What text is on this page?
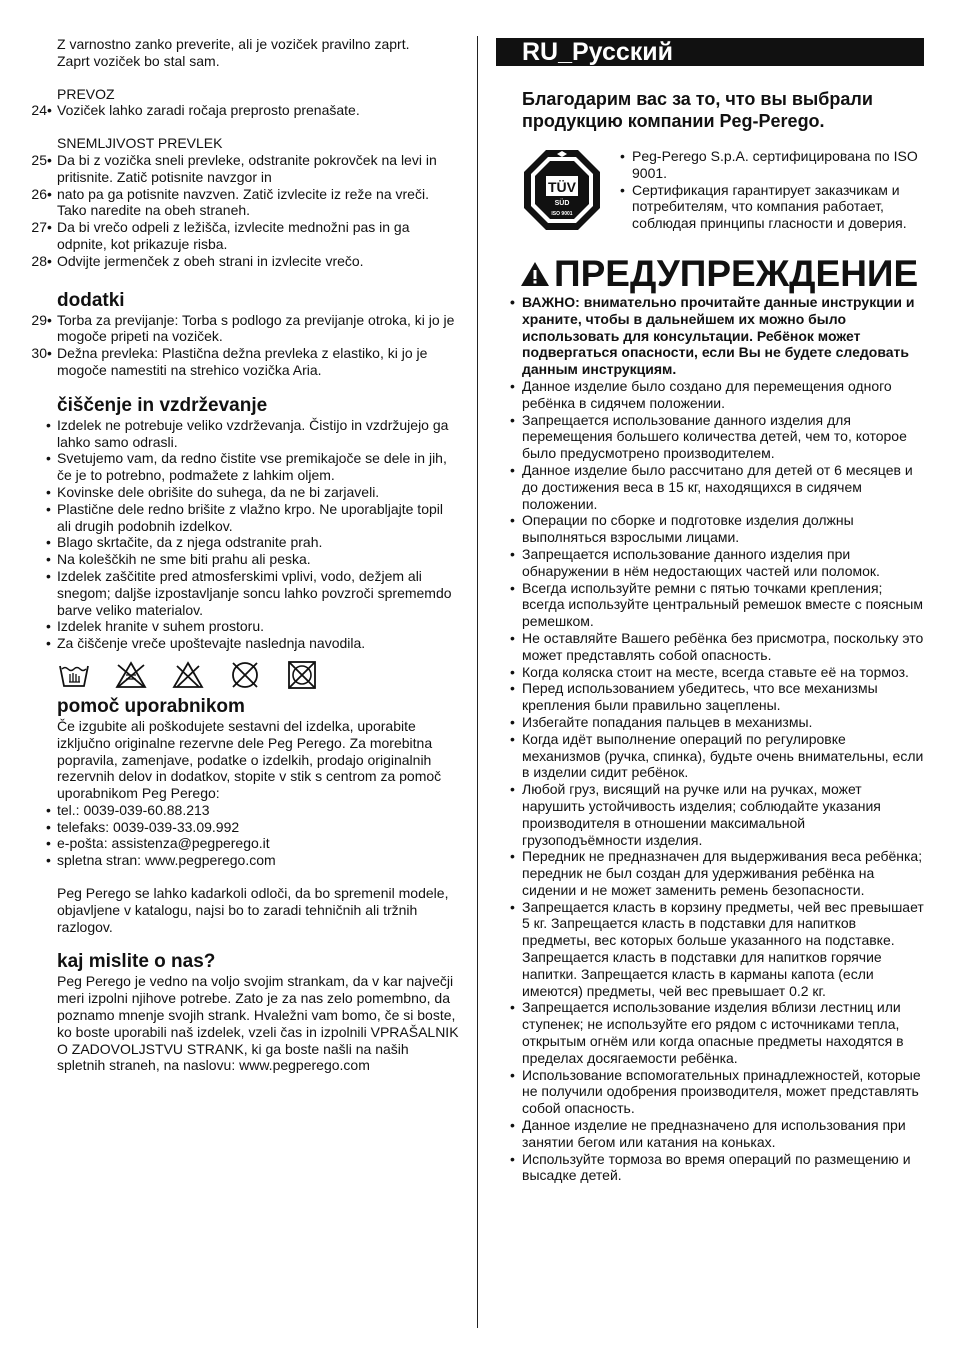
Z varnostno zanko preverite, ali je voziček pravilno zaprt.

Zaprt voziček bo stal sam.

PREVOZ

24• Voziček lahko zaradi ročaja preprosto prenašate.

SNEMLJIVOST PREVLEK

25• Da bi z vozička sneli prevleke, odstranite pokrovček na levi in pritisnite. Zatič potisnite navzgor in
26• nato pa ga potisnite navzven. Zatič izvlecite iz reže na vreči. Tako naredite na obeh straneh.
27• Da bi vrečo odpeli z ležišča, izvlecite mednožni pas in ga odpnite, kot prikazuje risba.
28• Odvijte jermenček z obeh strani in izvlecite vrečo.

dodatki

29• Torba za previjanje: Torba s podlogo za previjanje otroka, ki jo je mogoče pripeti na voziček.
30• Dežna prevleka: Plastična dežna prevleka z elastiko, ki jo je mogoče namestiti na strehico vozička Aria.

čiščenje in vzdrževanje

• Izdelek ne potrebuje veliko vzdrževanja. Čistijo in vzdržujejo ga lahko samo odrasli.
• Svetujemo vam, da redno čistite vse premikajoče se dele in jih, če je to potrebno, podmažete z lahkim oljem.
• Kovinske dele obrišite do suhega, da ne bi zarjaveli.
• Plastične dele redno brišite z vlažno krpo. Ne uporabljajte topil ali drugih podobnih izdelkov.
• Blago skrtačite, da z njega odstranite prah.
• Na koleščkih ne sme biti prahu ali peska.
• Izdelek zaščitite pred atmosferskimi vplivi, vodo, dežjem ali snegom; daljše izpostavljanje soncu lahko povzroči sprememdo barve veliko materialov.
• Izdelek hranite v suhem prostoru.
• Za čiščenje vreče upoštevajte naslednja navodila.

pomoč uporabnikom

Če izgubite ali poškodujete sestavni del izdelka, uporabite izključno originalne rezervne dele Peg Perego. Za morebitna popravila, zamenjave, podatke o izdelkih, prodajo originalnih rezervnih delov in dodatkov, stopite v stik s centrom za pomoč uporabnikom Peg Perego:

• tel.: 0039-039-60.88.213
• telefaks: 0039-039-33.09.992
• e-pošta: assistenza@pegperego.it
• spletna stran: www.pegperego.com

Peg Perego se lahko kadarkoli odloči, da bo spremenil modele, objavljene v katalogu, najsi bo to zaradi tehničnih ali tržnih razlogov.

kaj mislite o nas?

Peg Perego je vedno na voljo svojim strankam, da v kar največji meri izpolni njihove potrebe. Zato je za nas zelo pomembno, da poznamo mnenje svojih strank. Hvaležni vam bomo, če si boste, ko boste uporabili naš izdelek, vzeli čas in izpolnili VPRAŠALNIK O ZADOVOLJSTVU STRANK, ki ga boste našli na naših spletnih straneh, na naslovu: www.pegperego.com

RU_Русский

Благодарим вас за то, что вы выбрали продукцию компании Peg-Perego.

TÜV
SÜD
ISO 9001
• Peg-Perego S.p.A. сертифицирована по ISO 9001.
• Сертификация гарантирует заказчикам и потребителям, что компания работает, соблюдая принципы гласности и доверия.
ПРЕДУПРЕЖДЕНИЕ
• ВАЖНО: внимательно прочитайте данные инструкции и храните, чтобы в дальнейшем их можно было использовать для консультации. Ребёнок может подвергаться опасности, если Вы не будете следовать данным инструкциям.
• Данное изделие было создано для перемещения одного ребёнка в сидячем положении.
• Запрещается использование данного изделия для перемещения большего количества детей, чем то, которое было предусмотрено производителем.
• Данное изделие было рассчитано для детей от 6 месяцев и до достижения веса в 15 кг, находящихся в сидячем положении.
• Операции по сборке и подготовке изделия должны выполняться взрослыми лицами.
• Запрещается использование данного изделия при обнаружении в нём недостающих частей или поломок.
• Всегда используйте ремни с пятью точками крепления; всегда используйте центральный ремешок вместе с поясным ремешком.
• Не оставляйте Вашего ребёнка без присмотра, поскольку это может представлять собой опасность.
• Когда коляска стоит на месте, всегда ставьте её на тормоз.
• Перед использованием убедитесь, что все механизмы крепления были правильно зацеплены.
• Избегайте попадания пальцев в механизмы.
• Когда идёт выполнение операций по регулировке механизмов (ручка, спинка), будьте очень внимательны, если в изделии сидит ребёнок.
• Любой груз, висящий на ручке или на ручках, может нарушить устойчивость изделия; соблюдайте указания производителя в отношении максимальной грузоподъёмности изделия.
• Передник не предназначен для выдерживания веса ребёнка; передник не был создан для удерживания ребёнка на сидении и не может заменить ремень безопасности.
• Запрещается класть в корзину предметы, чей вес превышает 5 кг. Запрещается класть в подставки для напитков предметы, вес которых больше указанного на подставке. Запрещается класть в подставки для напитков горячие напитки. Запрещается класть в карманы капота (если имеются) предметы, чей вес превышает 0.2 кг.
• Запрещается использование изделия вблизи лестниц или ступенек; не используйте его рядом с источниками тепла, открытым огнём или когда опасные предметы находятся в пределах досягаемости ребёнка.
• Использование вспомогательных принадлежностей, которые не получили одобрения производителя, может представлять собой опасность.
• Данное изделие не предназначено для использования при занятии бегом или катания на коньках.
• Используйте тормоза во время операций по размещению и высадке детей.
